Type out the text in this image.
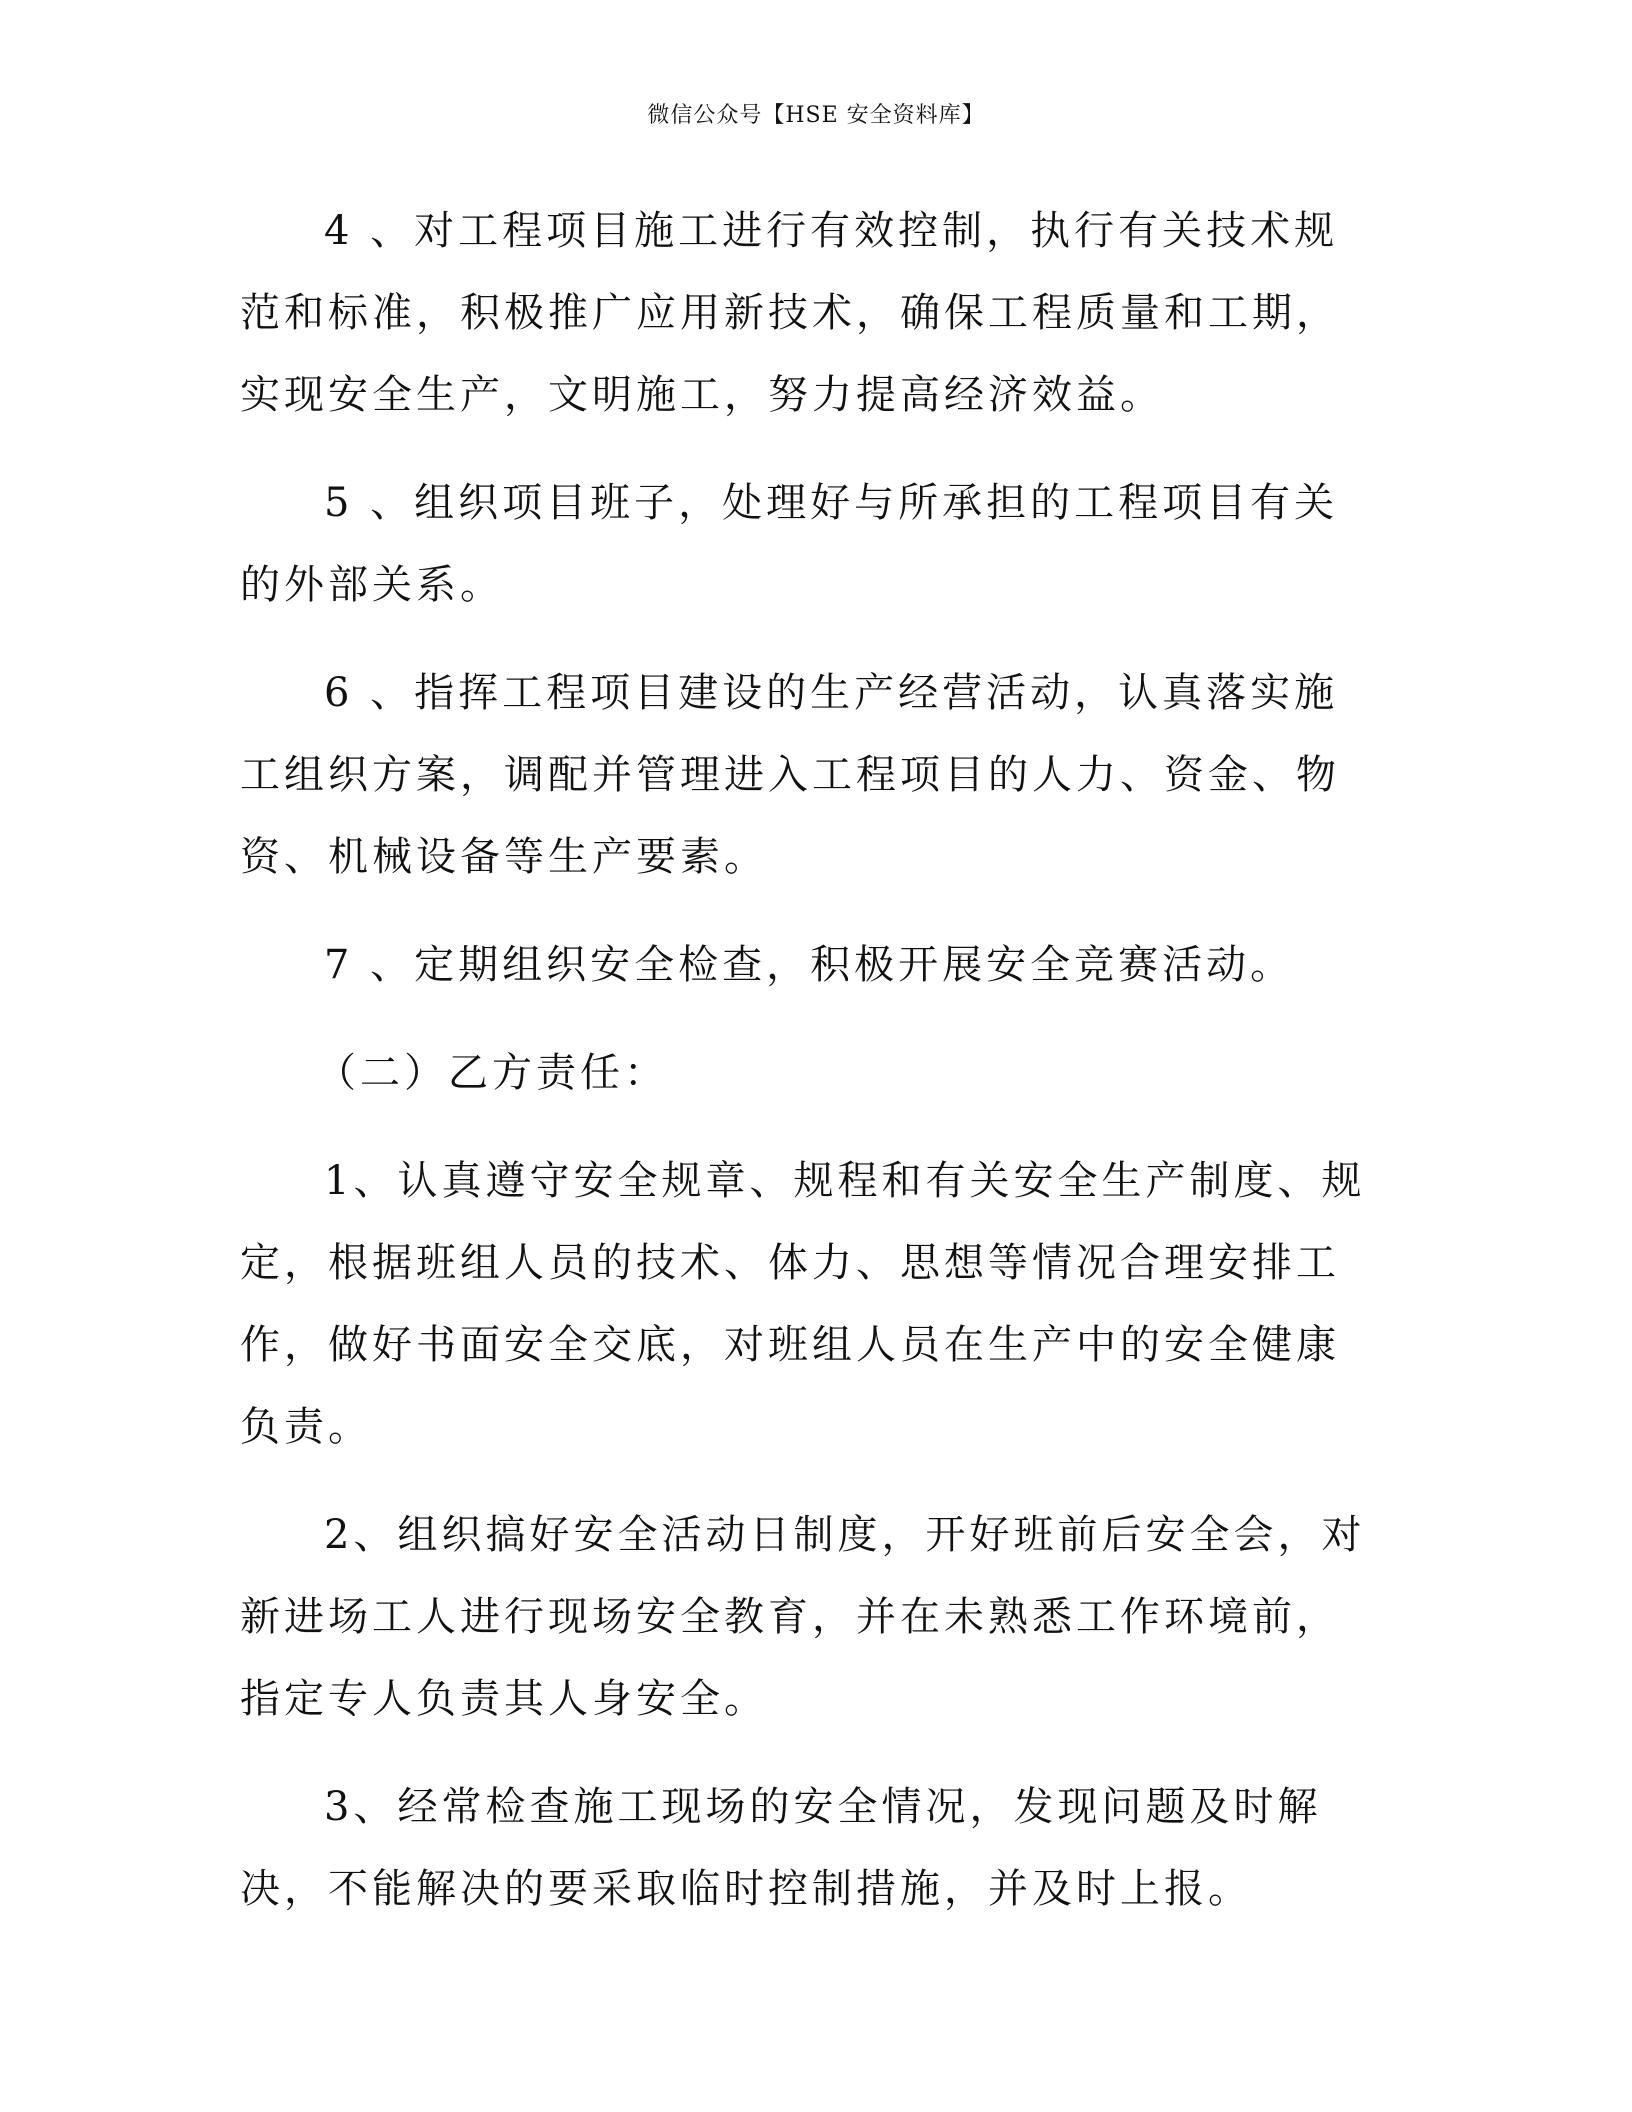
微信公众号【HSE 安全资料库】

4 、对工程项目施工进行有效控制，执行有关技术规范和标准，积极推广应用新技术，确保工程质量和工期，实现安全生产，文明施工，努力提高经济效益。

5 、组织项目班子，处理好与所承担的工程项目有关的外部关系。

6 、指挥工程项目建设的生产经营活动，认真落实施工组织方案，调配并管理进入工程项目的人力、资金、物资、机械设备等生产要素。

7 、定期组织安全检查，积极开展安全竞赛活动。

（二）乙方责任：

1、认真遵守安全规章、规程和有关安全生产制度、规定，根据班组人员的技术、体力、思想等情况合理安排工作，做好书面安全交底，对班组人员在生产中的安全健康负责。

2、组织搞好安全活动日制度，开好班前后安全会，对新进场工人进行现场安全教育，并在未熟悉工作环境前，指定专人负责其人身安全。

3、经常检查施工现场的安全情况，发现问题及时解决，不能解决的要采取临时控制措施，并及时上报。
